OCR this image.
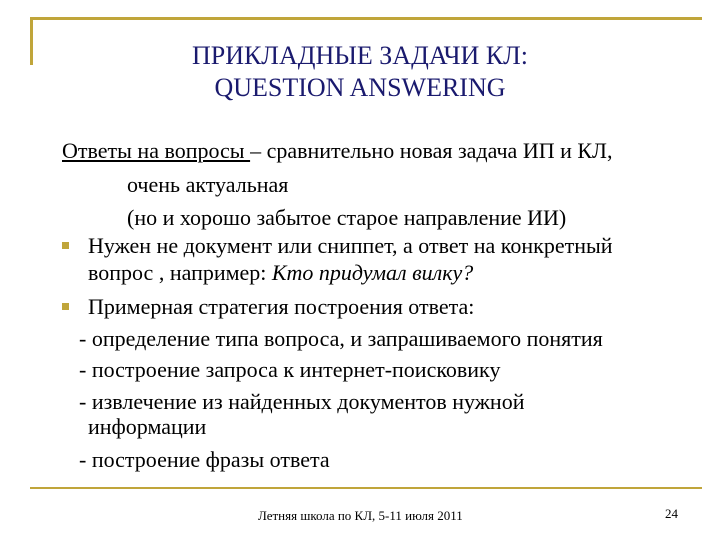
ПРИКЛАДНЫЕ ЗАДАЧИ КЛ:
QUESTION ANSWERING
Ответы на вопросы – сравнительно новая задача ИП и КЛ,
очень актуальная
(но и хорошо забытое старое направление ИИ)
Нужен не документ или сниппет, а ответ на конкретный
вопрос , например: Кто придумал вилку?
Примерная стратегия построения ответа:
- определение типа вопроса, и запрашиваемого понятия
- построение запроса к интернет-поисковику
- извлечение из найденных документов нужной
информации
- построение фразы ответа
Летняя школа по КЛ, 5-11 июля 2011	24
